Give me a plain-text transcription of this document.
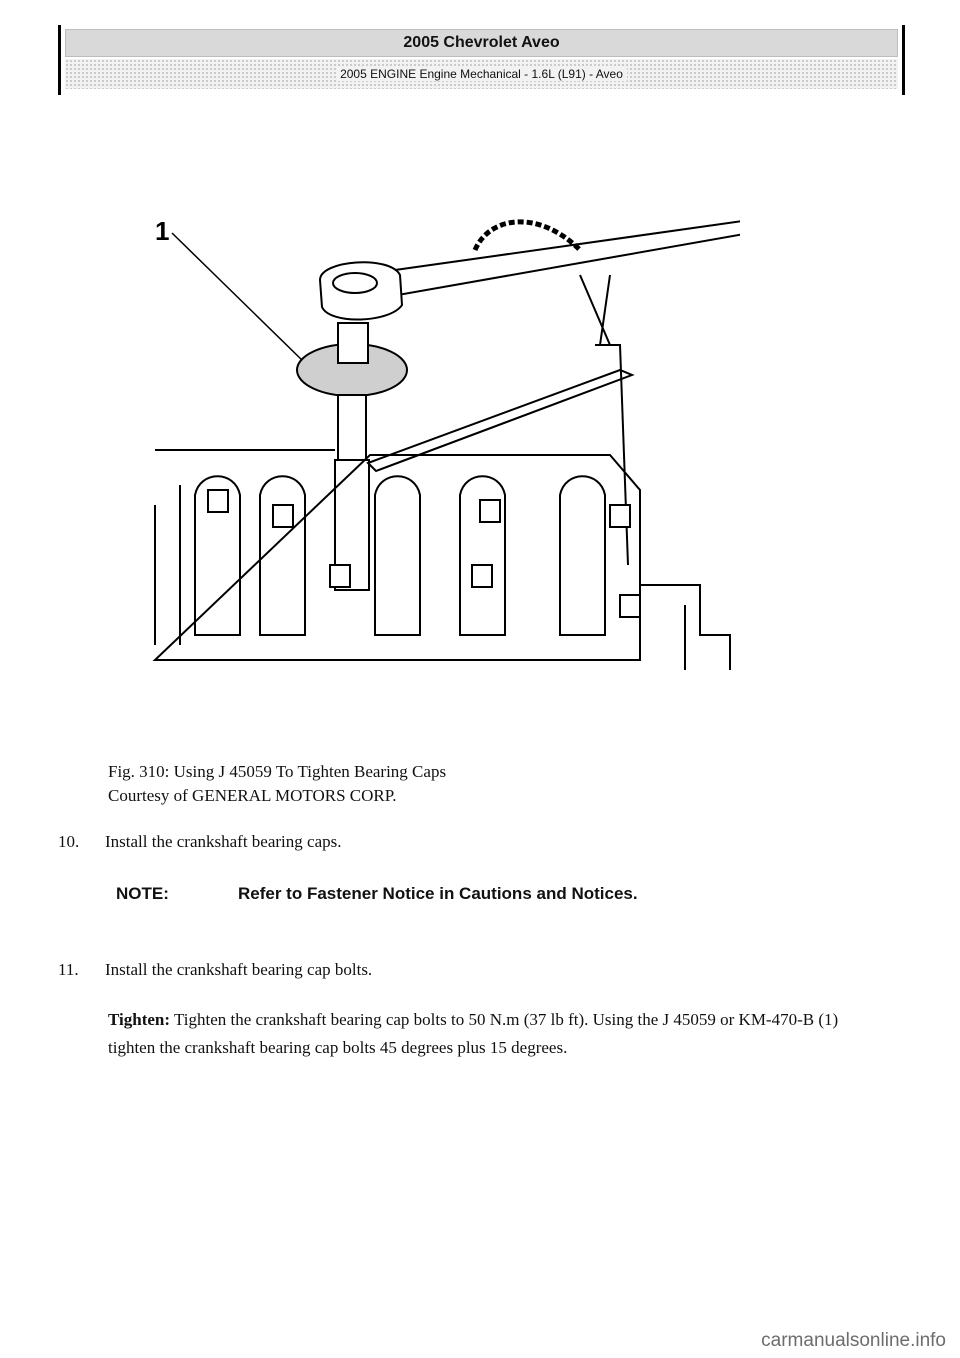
2005 Chevrolet Aveo
2005 ENGINE Engine Mechanical - 1.6L (L91) - Aveo
1
Fig. 310: Using J 45059 To Tighten Bearing Caps
Courtesy of GENERAL MOTORS CORP.
10. Install the crankshaft bearing caps.
NOTE:	Refer to Fastener Notice in Cautions and Notices.
11. Install the crankshaft bearing cap bolts.
Tighten: Tighten the crankshaft bearing cap bolts to 50 N.m (37 lb ft). Using the J 45059 or KM-470-B (1) tighten the crankshaft bearing cap bolts 45 degrees plus 15 degrees.
carmanualsonline.info
